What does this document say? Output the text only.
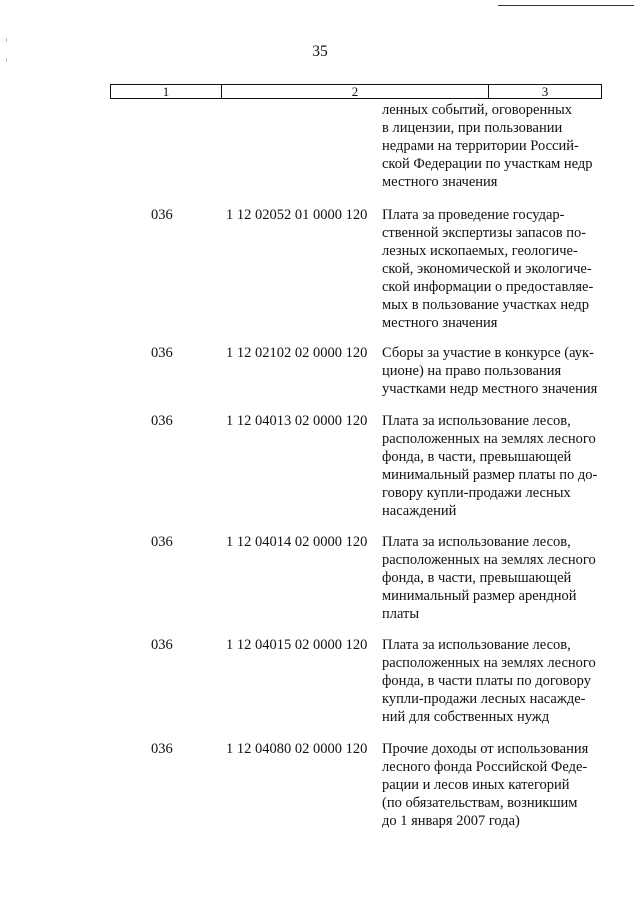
35
1	2	3
ленных событий, оговоренных
в лицензии, при пользовании
недрами на территории Россий-
ской Федерации по участкам недр
местного значения
036	1 12 02052 01 0000 120	Плата за проведение государ-
ственной экспертизы запасов по-
лезных ископаемых, геологиче-
ской, экономической и экологиче-
ской информации о предоставляе-
мых в пользование участках недр
местного значения
036	1 12 02102 02 0000 120	Сборы за участие в конкурсе (аук-
ционе) на право пользования
участками недр местного значения
036	1 12 04013 02 0000 120	Плата за использование лесов,
расположенных на землях лесного
фонда, в части, превышающей
минимальный размер платы по до-
говору купли-продажи лесных
насаждений
036	1 12 04014 02 0000 120	Плата за использование лесов,
расположенных на землях лесного
фонда, в части, превышающей
минимальный размер арендной
платы
036	1 12 04015 02 0000 120	Плата за использование лесов,
расположенных на землях лесного
фонда, в части платы по договору
купли-продажи лесных насажде-
ний для собственных нужд
036	1 12 04080 02 0000 120	Прочие доходы от использования
лесного фонда Российской Феде-
рации и лесов иных категорий
(по обязательствам, возникшим
до 1 января 2007 года)
